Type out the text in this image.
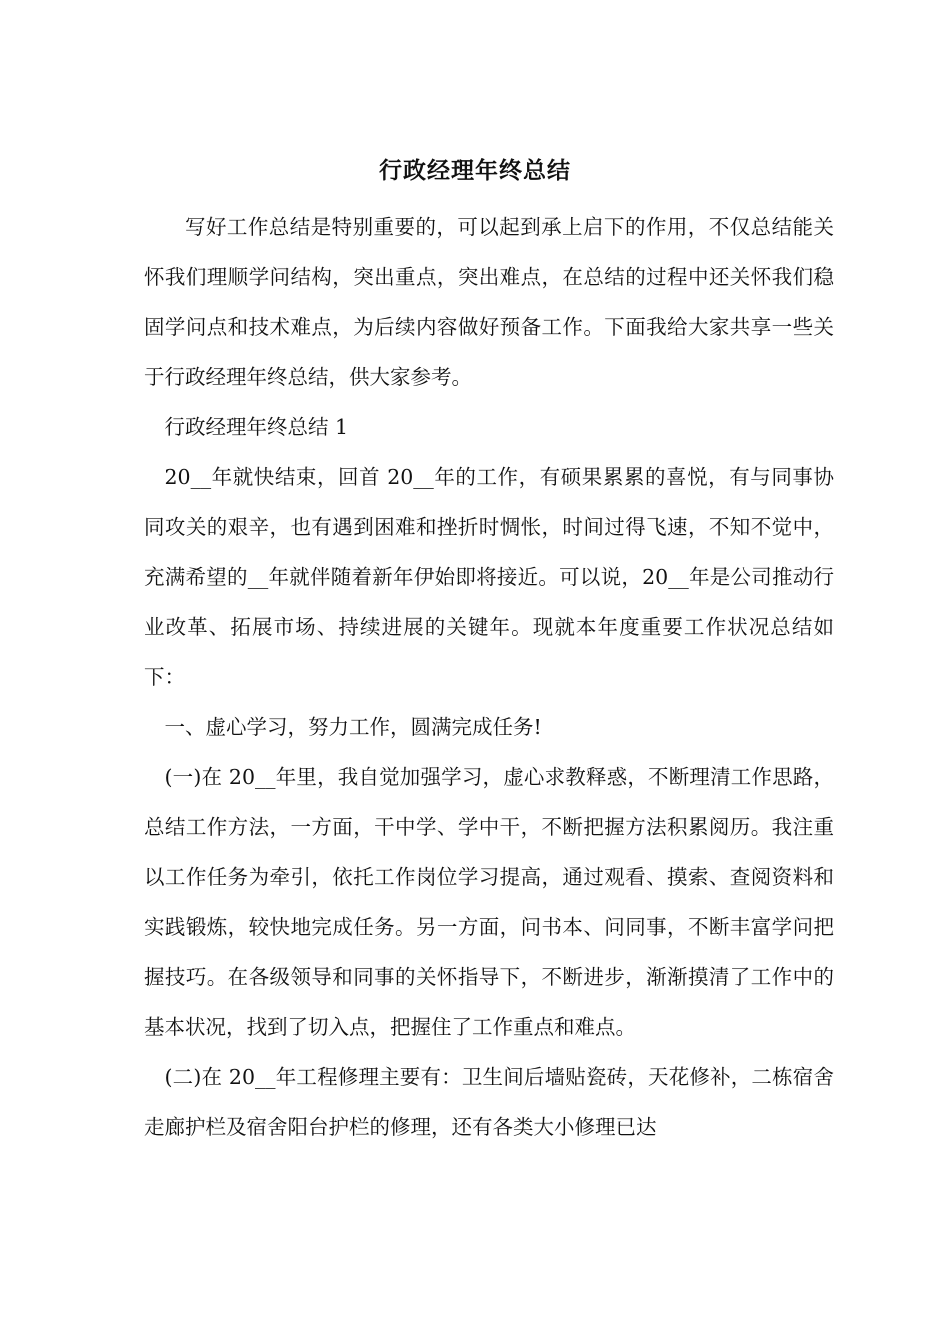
行政经理年终总结

写好工作总结是特别重要的，可以起到承上启下的作用，不仅总结能关怀我们理顺学问结构，突出重点，突出难点，在总结的过程中还关怀我们稳固学问点和技术难点，为后续内容做好预备工作。下面我给大家共享一些关于行政经理年终总结，供大家参考。

行政经理年终总结 1

20__年就快结束，回首 20__年的工作，有硕果累累的喜悦，有与同事协同攻关的艰辛，也有遇到困难和挫折时惆怅，时间过得飞速，不知不觉中，充满希望的__年就伴随着新年伊始即将接近。可以说，20__年是公司推动行业改革、拓展市场、持续进展的关键年。现就本年度重要工作状况总结如下：

一、虚心学习，努力工作，圆满完成任务!

(一)在 20__年里，我自觉加强学习，虚心求教释惑，不断理清工作思路，总结工作方法，一方面，干中学、学中干，不断把握方法积累阅历。我注重以工作任务为牵引，依托工作岗位学习提高，通过观看、摸索、查阅资料和实践锻炼，较快地完成任务。另一方面，问书本、问同事，不断丰富学问把握技巧。在各级领导和同事的关怀指导下，不断进步，渐渐摸清了工作中的基本状况，找到了切入点，把握住了工作重点和难点。

(二)在 20__年工程修理主要有：卫生间后墙贴瓷砖，天花修补，二栋宿舍走廊护栏及宿舍阳台护栏的修理，还有各类大小修理已达
